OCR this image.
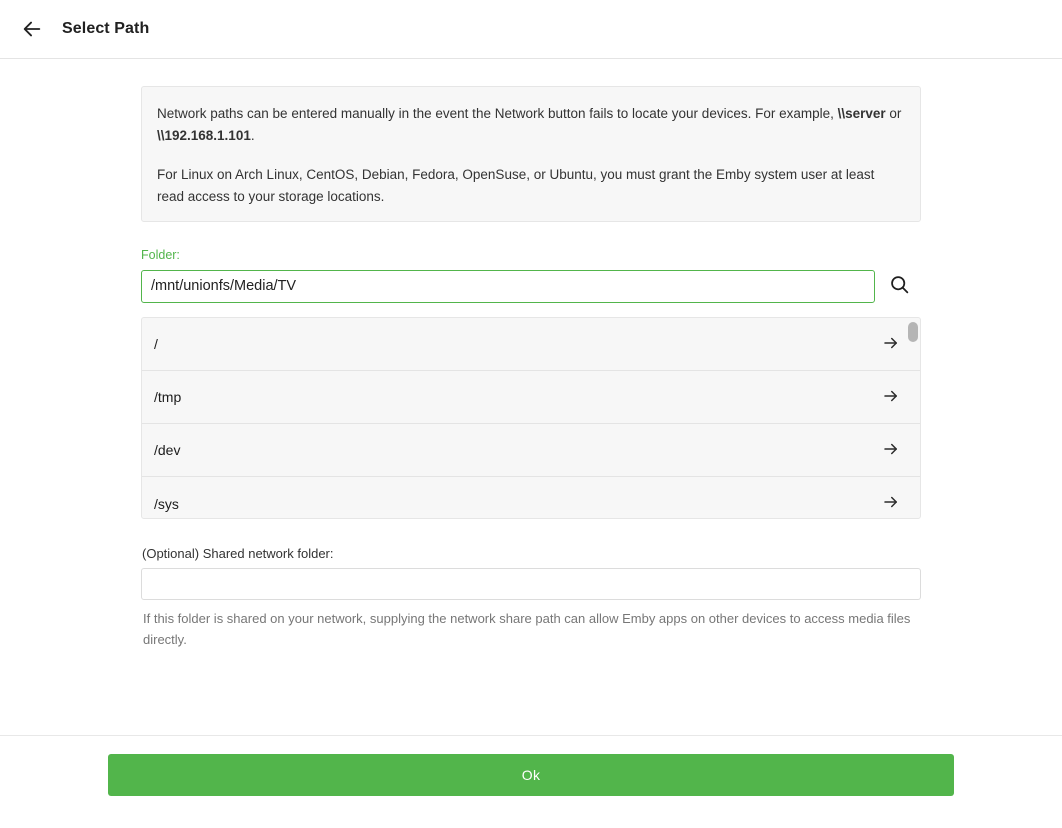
Select Path

Network paths can be entered manually in the event the Network button fails to locate your devices. For example, \\server or \\192.168.1.101.

For Linux on Arch Linux, CentOS, Debian, Fedora, OpenSuse, or Ubuntu, you must grant the Emby system user at least read access to your storage locations.

Folder:
/mnt/unionfs/Media/TV
/
/tmp
/dev
/sys
(Optional) Shared network folder:
If this folder is shared on your network, supplying the network share path can allow Emby apps on other devices to access media files directly.
Ok
